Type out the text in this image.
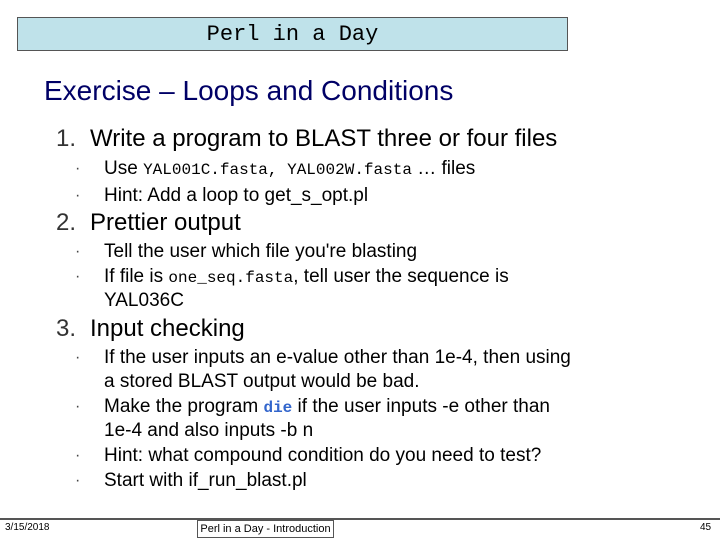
Perl in a Day
Exercise – Loops and Conditions
1. Write a program to BLAST three or four files
· Use YAL001C.fasta, YAL002W.fasta … files
· Hint: Add a loop to get_s_opt.pl
2. Prettier output
· Tell the user which file you're blasting
· If file is one_seq.fasta, tell user the sequence is
YAL036C
3. Input checking
· If the user inputs an e-value other than 1e-4, then using
a stored BLAST output would be bad.
· Make the program die if the user inputs -e other than
1e-4 and also inputs -b n
· Hint: what compound condition do you need to test?
· Start with if_run_blast.pl
3/15/2018	Perl in a Day - Introduction	45
